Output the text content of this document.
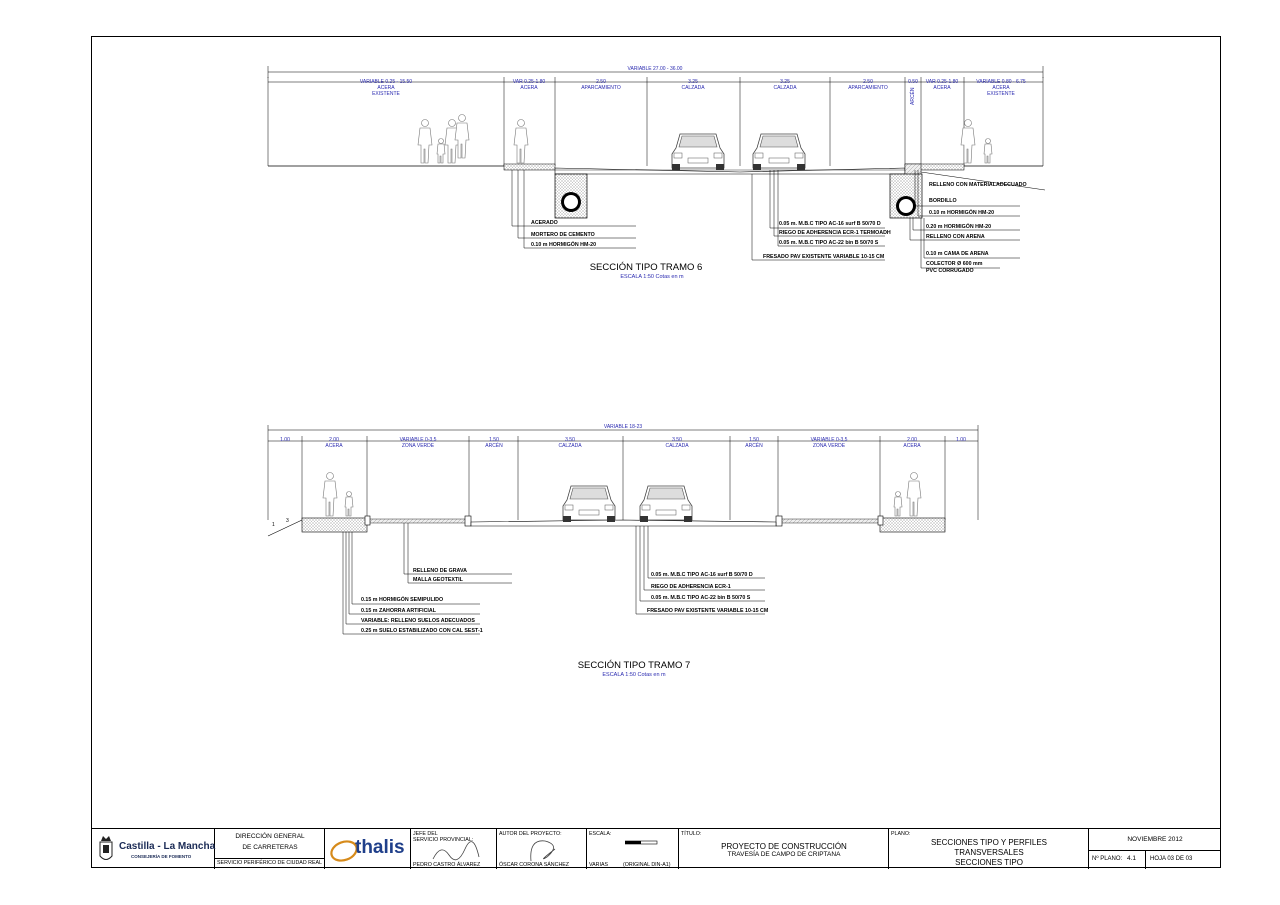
VARIABLE 27.00 - 36.00
VARIABLE 0.25 - 15.50
ACERA
EXISTENTE
VAR 0.25-1.80
ACERA
2.50
APARCAMIENTO
3.25
CALZADA
3.25
CALZADA
2.50
APARCAMIENTO
0.50
ARCÉN
VAR 0.25-1.80
ACERA
VARIABLE 0.80 - 6.75
ACERA
EXISTENTE
ACERADO
MORTERO DE CEMENTO
0.10 m HORMIGÓN HM-20
0.05 m. M.B.C TIPO AC-16 surf B 50/70 D
RIEGO DE ADHERENCIA ECR-1 TERMOADH
0.05 m. M.B.C TIPO AC-22 bin B 50/70 S
FRESADO PAV EXISTENTE VARIABLE 10-15 CM
RELLENO CON MATERIALADECUADO
BORDILLO
0.10 m HORMIGÓN HM-20
0.20 m HORMIGÓN HM-20
RELLENO CON ARENA
0.10 m CAMA DE ARENA
COLECTOR Ø 600 mm
PVC CORRUGADO
SECCIÓN TIPO TRAMO 6
ESCALA 1:50 Cotas en m
VARIABLE 18-23
1.00	2.00
ACERA
VARIABLE 0-3,5
ZONA VERDE
1.50
ARCÉN
3.50
CALZADA
3.50
CALZADA
1.50
ARCÉN
VARIABLE 0-3,5
ZONA VERDE
2.00
ACERA
1.00
1
3
RELLENO DE GRAVA
MALLA GEOTEXTIL
0.15 m HORMIGÓN SEMIPULIDO
0.15 m ZAHORRA ARTIFICIAL
VARIABLE: RELLENO SUELOS ADECUADOS
0.25 m SUELO ESTABILIZADO CON CAL SEST-1
0.05 m. M.B.C TIPO AC-16 surf B 50/70 D
RIEGO DE ADHERENCIA ECR-1
0.05 m. M.B.C TIPO AC-22 bin B 50/70 S
FRESADO PAV EXISTENTE VARIABLE 10-15 CM
SECCIÓN TIPO TRAMO 7
ESCALA 1:50 Cotas en m
Castilla - La Mancha
CONSEJERÍA DE FOMENTO
DIRECCIÓN GENERAL
DE CARRETERAS
SERVICIO PERIFÉRICO DE CIUDAD REAL
thalis
JEFE DEL
SERVICIO PROVINCIAL:
PEDRO CASTRO ÁLVAREZ
AUTOR DEL PROYECTO:
ÓSCAR CORONA SÁNCHEZ
ESCALA:
VARIAS	(ORIGINAL DIN-A1)
TÍTULO:
PROYECTO DE CONSTRUCCIÓN
TRAVESÍA DE CAMPO DE CRIPTANA
PLANO:
SECCIONES TIPO Y PERFILES
TRANSVERSALES
SECCIONES TIPO
NOVIEMBRE 2012
Nº PLANO: 4.1 HOJA 03 DE 03
